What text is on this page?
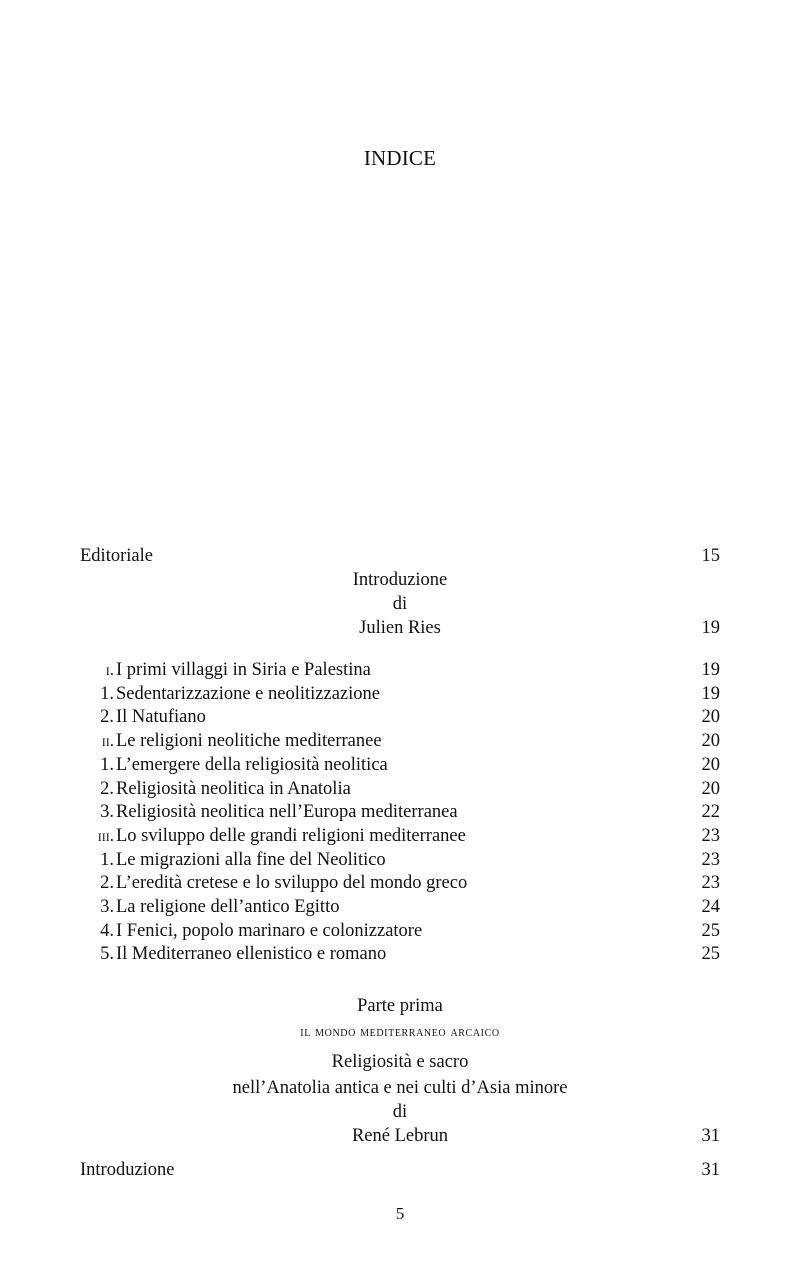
INDICE
Editoriale	15
Introduzione
di
Julien Ries	19
i. I primi villaggi in Siria e Palestina	19
1. Sedentarizzazione e neolitizzazione	19
2. Il Natufiano	20
ii. Le religioni neolitiche mediterranee	20
1. L’emergere della religiosità neolitica	20
2. Religiosità neolitica in Anatolia	20
3. Religiosità neolitica nell’Europa mediterranea	22
iii. Lo sviluppo delle grandi religioni mediterranee	23
1. Le migrazioni alla fine del Neolitico	23
2. L’eredità cretese e lo sviluppo del mondo greco	23
3. La religione dell’antico Egitto	24
4. I Fenici, popolo marinaro e colonizzatore	25
5. Il Mediterraneo ellenistico e romano	25
Parte prima
il mondo mediterraneo arcaico
Religiosità e sacro
nell’Anatolia antica e nei culti d’Asia minore
di
René Lebrun	31
Introduzione	31
5
